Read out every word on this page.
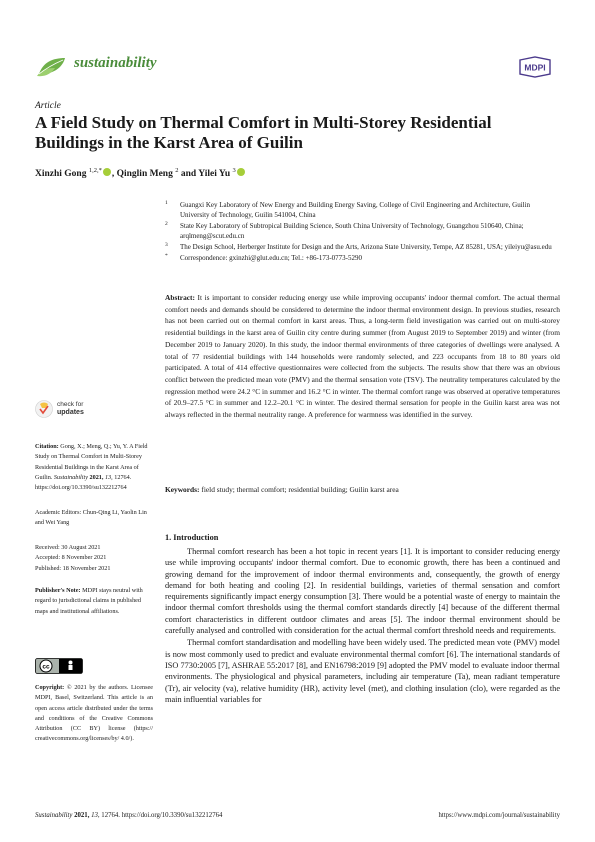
sustainability	MDPI
Article
A Field Study on Thermal Comfort in Multi-Storey Residential Buildings in the Karst Area of Guilin
Xinzhi Gong $^{1,2,*}$ , Qinglin Meng $^2$ and Yilei Yu $^3$
1 Guangxi Key Laboratory of New Energy and Building Energy Saving, College of Civil Engineering and Architecture, Guilin University of Technology, Guilin 541004, China
2 State Key Laboratory of Subtropical Building Science, South China University of Technology, Guangzhou 510640, China; arqlmeng@scut.edu.cn
3 The Design School, Herberger Institute for Design and the Arts, Arizona State University, Tempe, AZ 85281, USA; yileiyu@asu.edu
* Correspondence: gxinzhi@glut.edu.cn; Tel.: +86-173-0773-5290
Abstract: It is important to consider reducing energy use while improving occupants' indoor thermal comfort. The actual thermal comfort needs and demands should be considered to determine the indoor thermal environment design. In previous studies, research has not been carried out on thermal comfort in karst areas. Thus, a long-term field investigation was carried out on multi-storey residential buildings in the karst area of Guilin city centre during summer (from August 2019 to September 2019) and winter (from December 2019 to January 2020). In this study, the indoor thermal environments of three categories of dwellings were analysed. A total of 77 residential buildings with 144 households were randomly selected, and 223 occupants from 18 to 80 years old participated. A total of 414 effective questionnaires were collected from the subjects. The results show that there was an obvious conflict between the predicted mean vote (PMV) and the thermal sensation vote (TSV). The neutrality temperatures calculated by the regression method were 24.2 °C in summer and 16.2 °C in winter. The thermal comfort range was observed at operative temperatures of 20.9–27.5 °C in summer and 12.2–20.1 °C in winter. The desired thermal sensation for people in the Guilin karst area was not always reflected in the thermal neutrality range. A preference for warmness was identified in the survey.
Keywords: field study; thermal comfort; residential building; Guilin karst area
check for
updates
Citation: Gong, X.; Meng, Q.; Yu, Y. A Field Study on Thermal Comfort in Multi-Storey Residential Buildings in the Karst Area of Guilin. Sustainability 2021, 13, 12764. https://doi.org/10.3390/su132212764
Academic Editors: Chun-Qing Li, Yaolin Lin and Wei Yang
Received: 30 August 2021
Accepted: 8 November 2021
Published: 18 November 2021
Publisher's Note: MDPI stays neutral with regard to jurisdictional claims in published maps and institutional affiliations.
cc
Copyright: © 2021 by the authors. Licensee MDPI, Basel, Switzerland. This article is an open access article distributed under the terms and conditions of the Creative Commons Attribution (CC BY) license (https:// creativecommons.org/licenses/by/ 4.0/).
1. Introduction

Thermal comfort research has been a hot topic in recent years [1]. It is important to consider reducing energy use while improving occupants' indoor thermal comfort. Due to economic growth, there has been a continued and growing demand for the improvement of indoor thermal environments and, consequently, the growth of energy demand for both heating and cooling [2]. In residential buildings, varieties of thermal sensation and comfort requirements significantly impact energy consumption [3]. There would be a potential waste of energy to maintain the indoor thermal comfort thresholds using the thermal comfort standards directly [4] because of the different thermal comfort characteristics in different outdoor climates and areas [5]. The indoor thermal environment should be carefully analysed and controlled with consideration for the actual thermal comfort threshold needs and requirements.

Thermal comfort standardisation and modelling have been widely used. The predicted mean vote (PMV) model is now most commonly used to predict and evaluate environmental thermal comfort [6]. The international standards of ISO 7730:2005 [7], ASHRAE 55:2017 [8], and EN16798:2019 [9] adopted the PMV model to evaluate indoor thermal environments. The physiological and physical parameters, including air temperature (Ta), mean radiant temperature (Tr), air velocity (va), relative humidity (HR), activity level (met), and clothing insulation (clo), were regarded as the main influential variables for

Sustainability 2021, 13, 12764. https://doi.org/10.3390/su132212764	https://www.mdpi.com/journal/sustainability
